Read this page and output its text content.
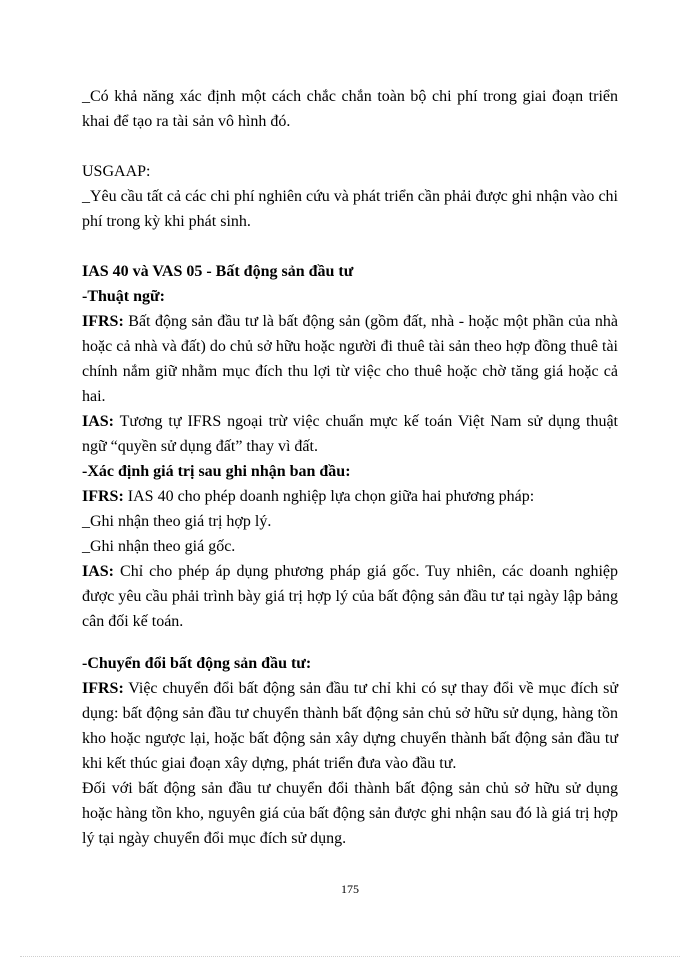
_Có khả năng xác định một cách chắc chắn toàn bộ chi phí trong giai đoạn triển khai để tạo ra tài sản vô hình đó.

USGAAP:

_Yêu cầu tất cả các chi phí nghiên cứu và phát triển cần phải được ghi nhận vào chi phí trong kỳ khi phát sinh.

IAS 40 và VAS 05 - Bất động sản đầu tư

-Thuật ngữ:

IFRS: Bất động sản đầu tư là bất động sản (gồm đất, nhà - hoặc một phần của nhà hoặc cả nhà và đất) do chủ sở hữu hoặc người đi thuê tài sản theo hợp đồng thuê tài chính nắm giữ nhằm mục đích thu lợi từ việc cho thuê hoặc chờ tăng giá hoặc cả hai.

IAS: Tương tự IFRS ngoại trừ việc chuẩn mực kế toán Việt Nam sử dụng thuật ngữ “quyền sử dụng đất” thay vì đất.

-Xác định giá trị sau ghi nhận ban đầu:

IFRS: IAS 40 cho phép doanh nghiệp lựa chọn giữa hai phương pháp:

_Ghi nhận theo giá trị hợp lý.

_Ghi nhận theo giá gốc.

IAS: Chỉ cho phép áp dụng phương pháp giá gốc. Tuy nhiên, các doanh nghiệp được yêu cầu phải trình bày giá trị hợp lý của bất động sản đầu tư tại ngày lập bảng cân đối kế toán.

-Chuyển đổi bất động sản đầu tư:

IFRS: Việc chuyển đổi bất động sản đầu tư chỉ khi có sự thay đổi về mục đích sử dụng: bất động sản đầu tư chuyển thành bất động sản chủ sở hữu sử dụng, hàng tồn kho hoặc ngược lại, hoặc bất động sản xây dựng chuyển thành bất động sản đầu tư khi kết thúc giai đoạn xây dựng, phát triển đưa vào đầu tư.

Đối với bất động sản đầu tư chuyển đổi thành bất động sản chủ sở hữu sử dụng hoặc hàng tồn kho, nguyên giá của bất động sản được ghi nhận sau đó là giá trị hợp lý tại ngày chuyển đổi mục đích sử dụng.

175
